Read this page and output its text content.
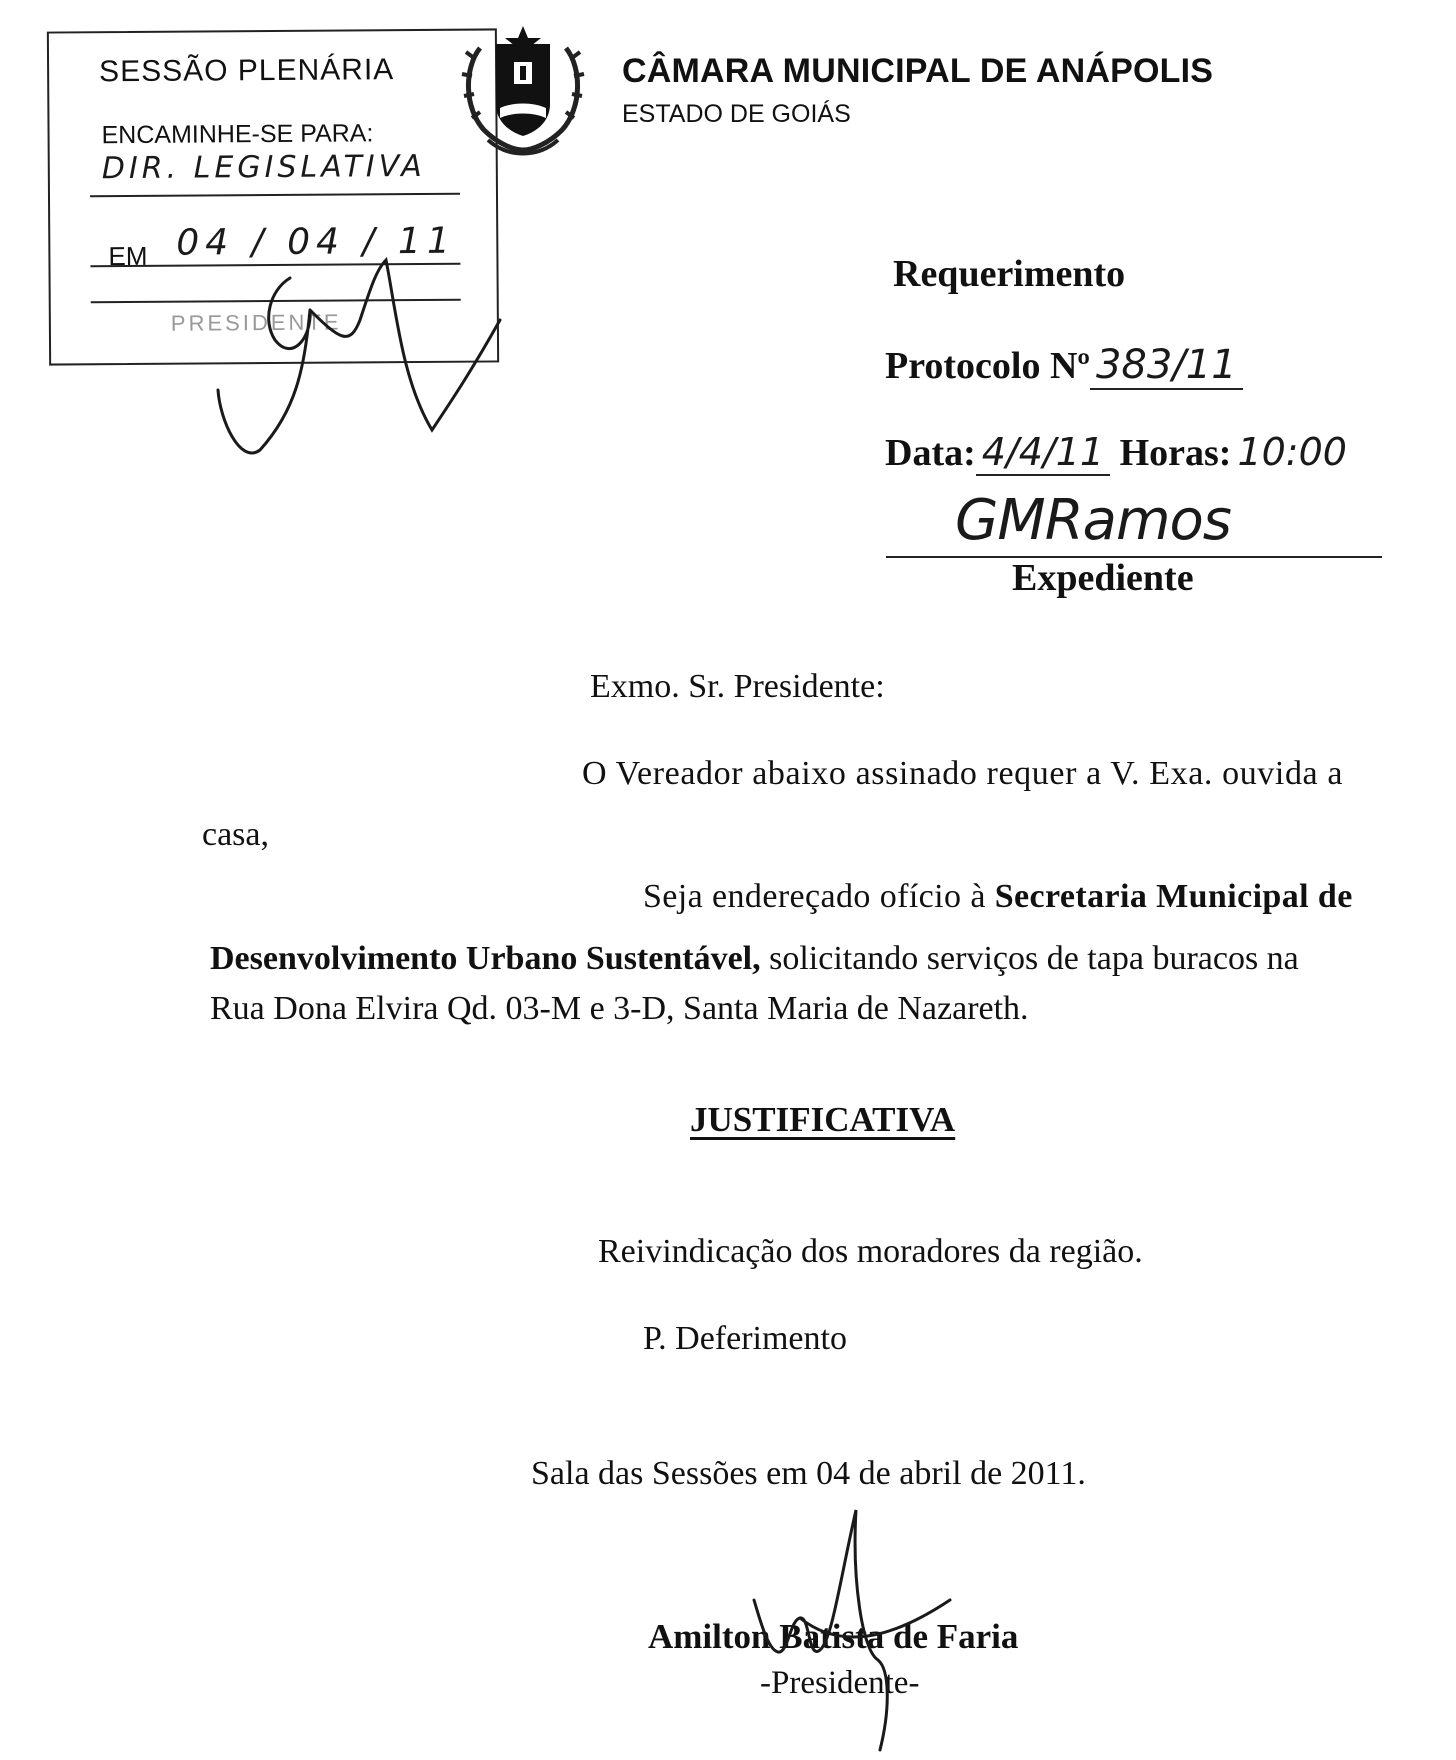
SESSÃO PLENÁRIA
ENCAMINHE-SE PARA:
DIR. LEGISLATIVA
EM 04 / 04 / 11
PRESIDENTE
CÂMARA MUNICIPAL DE ANÁPOLIS
ESTADO DE GOIÁS
Requerimento
Protocolo Nº 383/11
Data: 4/4/11 Horas: 10:00
GMRamos
Expediente
Exmo. Sr. Presidente:
O Vereador abaixo assinado requer a V. Exa. ouvida a
casa,
Seja endereçado ofício à Secretaria Municipal de
Desenvolvimento Urbano Sustentável, solicitando serviços de tapa buracos na
Rua Dona Elvira Qd. 03-M e 3-D, Santa Maria de Nazareth.
JUSTIFICATIVA
Reivindicação dos moradores da região.
P. Deferimento
Sala das Sessões em 04 de abril de 2011.
Amilton Batista de Faria
-Presidente-
